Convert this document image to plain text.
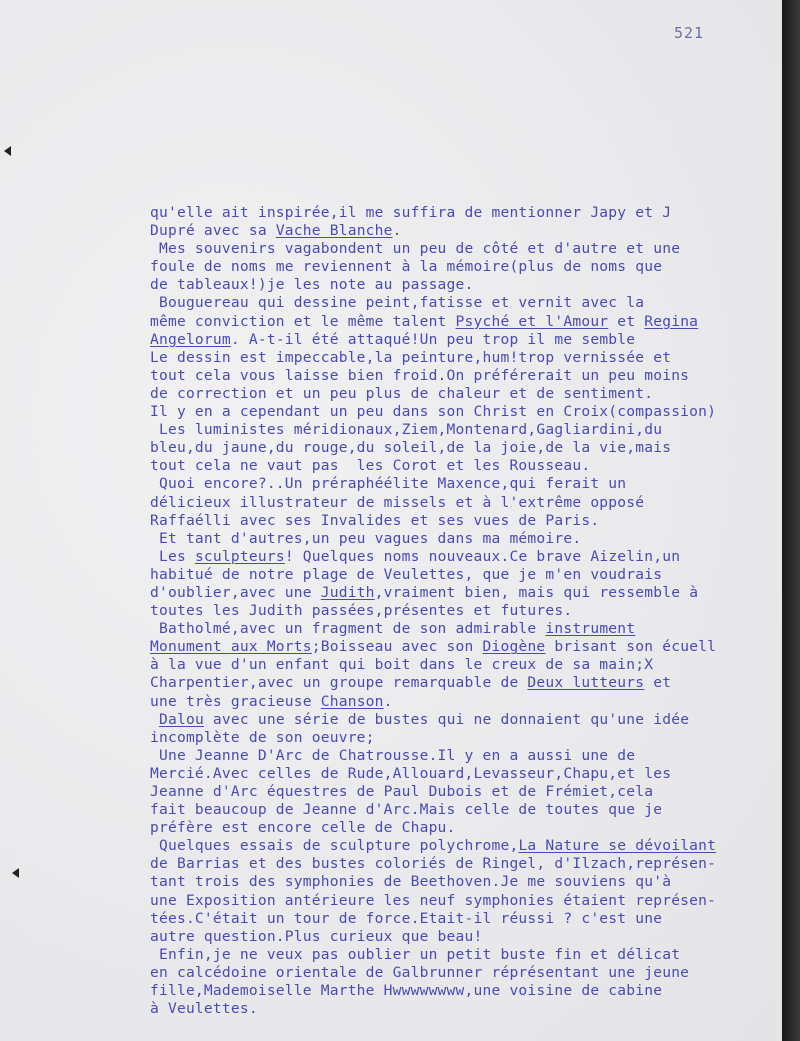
521
qu'elle ait inspirée,il me suffira de mentionner Japy et J
Dupré avec sa Vache Blanche.
Mes souvenirs vagabondent un peu de côté et d'autre et une
foule de noms me reviennent à la mémoire(plus de noms que
de tableaux!)je les note au passage.
Bouguereau qui dessine peint,fatisse et vernit avec la
même conviction et le même talent Psyché et l'Amour et Regina
Angelorum. A-t-il été attaqué!Un peu trop il me semble
Le dessin est impeccable,la peinture,hum!trop vernissée et
tout cela vous laisse bien froid.On préférerait un peu moins
de correction et un peu plus de chaleur et de sentiment.
Il y en a cependant un peu dans son Christ en Croix(compassion)
Les luministes méridionaux,Ziem,Montenard,Gagliardini,du
bleu,du jaune,du rouge,du soleil,de la joie,de la vie,mais
tout cela ne vaut pas  les Corot et les Rousseau.
Quoi encore?..Un préraphéélite Maxence,qui ferait un
délicieux illustrateur de missels et à l'extrême opposé
Raffaélli avec ses Invalides et ses vues de Paris.
Et tant d'autres,un peu vagues dans ma mémoire.
Les sculpteurs! Quelques noms nouveaux.Ce brave Aizelin,un
habitué de notre plage de Veulettes, que je m'en voudrais
d'oublier,avec une Judith,vraiment bien, mais qui ressemble à
toutes les Judith passées,présentes et futures.
Batholmé,avec un fragment de son admirable instrument
Monument aux Morts;Boisseau avec son Diogène brisant son écuell
à la vue d'un enfant qui boit dans le creux de sa main;X
Charpentier,avec un groupe remarquable de Deux lutteurs et
une très gracieuse Chanson.
Dalou avec une série de bustes qui ne donnaient qu'une idée
incomplète de son oeuvre;
Une Jeanne D'Arc de Chatrousse.Il y en a aussi une de
Mercié.Avec celles de Rude,Allouard,Levasseur,Chapu,et les
Jeanne d'Arc équestres de Paul Dubois et de Frémiet,cela
fait beaucoup de Jeanne d'Arc.Mais celle de toutes que je
préfère est encore celle de Chapu.
Quelques essais de sculpture polychrome,La Nature se dévoilant
de Barrias et des bustes coloriés de Ringel, d'Ilzach,représen-
tant trois des symphonies de Beethoven.Je me souviens qu'à
une Exposition antérieure les neuf symphonies étaient représen-
tées.C'était un tour de force.Etait-il réussi ? c'est une
autre question.Plus curieux que beau!
Enfin,je ne veux pas oublier un petit buste fin et délicat
en calcédoine orientale de Galbrunner réprésentant une jeune
fille,Mademoiselle Marthe Hwwwwwwww,une voisine de cabine
à Veulettes.
